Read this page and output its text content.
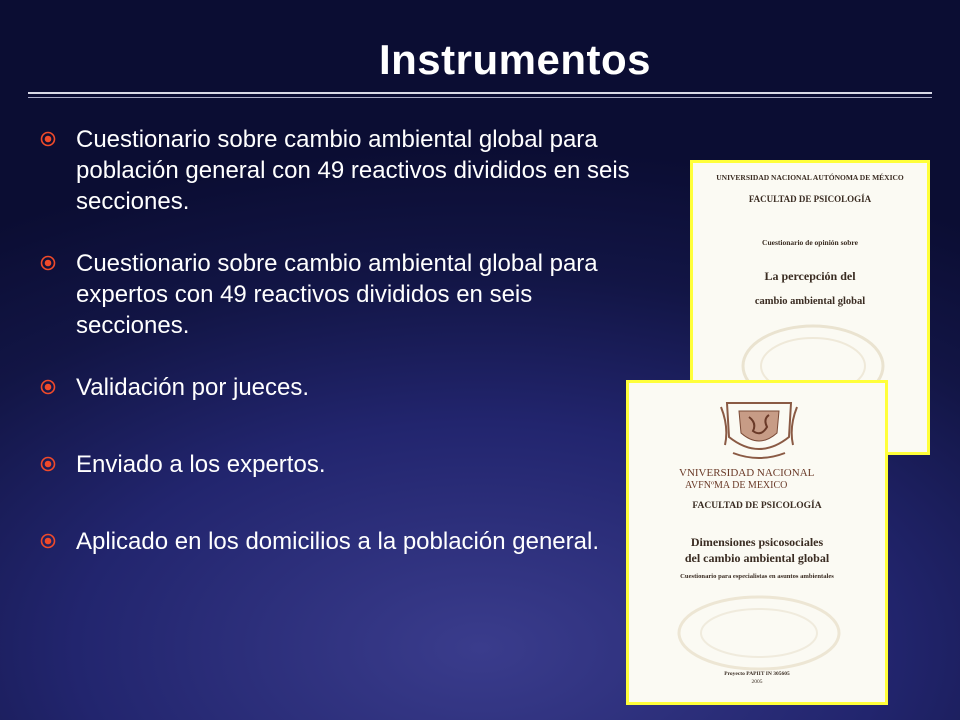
Instrumentos
Cuestionario sobre cambio ambiental global para población general con 49 reactivos divididos en seis secciones.
Cuestionario sobre cambio ambiental global para expertos con 49 reactivos divididos en seis secciones.
Validación por jueces.
Enviado a los expertos.
Aplicado en los domicilios a la población general.
UNIVERSIDAD NACIONAL AUTÓNOMA DE MÉXICO
FACULTAD DE PSICOLOGÍA
Cuestionario de opinión sobre
La percepción del
cambio ambiental global
VNIVERSIDAD NACIONAL
AVFNºMA DE MEXICO
FACULTAD DE PSICOLOGÍA
Dimensiones psicosociales
del cambio ambiental global
Cuestionario para especialistas en asuntos ambientales
Proyecto PAPIIT IN 305605
2005
